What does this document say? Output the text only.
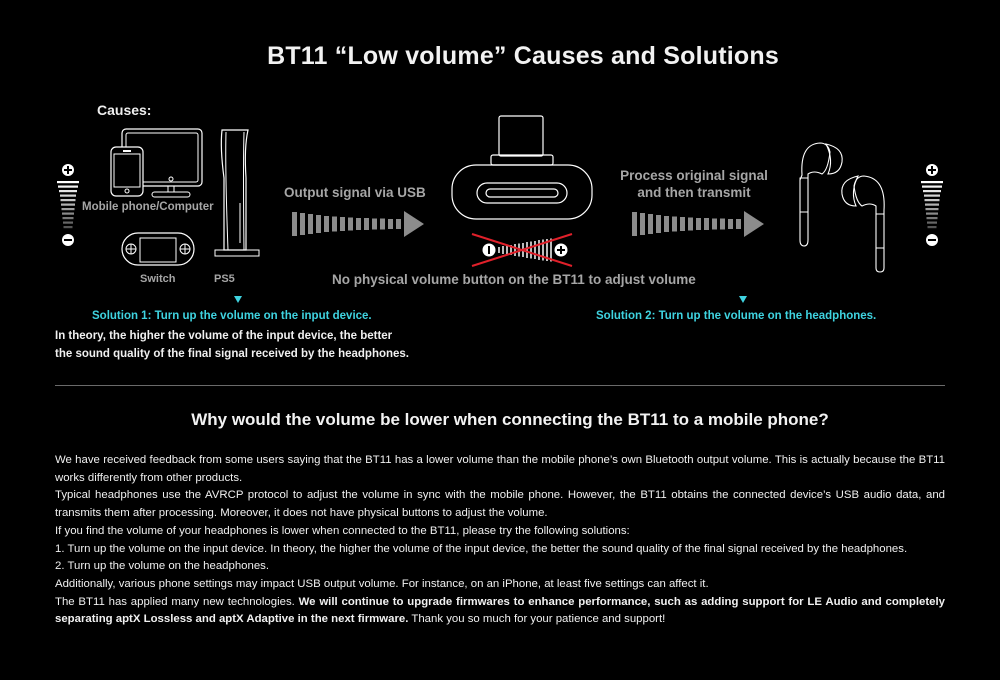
BT11 “Low volume” Causes and Solutions
Causes:
Mobile phone/Computer
Switch	PS5
Output signal via USB
No physical volume button on the BT11 to adjust volume
Process original signal
and then transmit
Solution 1: Turn up the volume on the input device.
In theory, the higher the volume of the input device, the better
the sound quality of the final signal received by the headphones.
Solution 2: Turn up the volume on the headphones.
Why would the volume be lower when connecting the BT11 to a mobile phone?

We have received feedback from some users saying that the BT11 has a lower volume than the mobile phone’s own Bluetooth output volume. This is actually because the BT11 works differently from other products.

Typical headphones use the AVRCP protocol to adjust the volume in sync with the mobile phone. However, the BT11 obtains the connected device’s USB audio data, and transmits them after processing. Moreover, it does not have physical buttons to adjust the volume.

If you find the volume of your headphones is lower when connected to the BT11, please try the following solutions:

1. Turn up the volume on the input device. In theory, the higher the volume of the input device, the better the sound quality of the final signal received by the headphones.

2. Turn up the volume on the headphones.

Additionally, various phone settings may impact USB output volume. For instance, on an iPhone, at least five settings can affect it.

The BT11 has applied many new technologies. We will continue to upgrade firmwares to enhance performance, such as adding support for LE Audio and completely separating aptX Lossless and aptX Adaptive in the next firmware. Thank you so much for your patience and support!
